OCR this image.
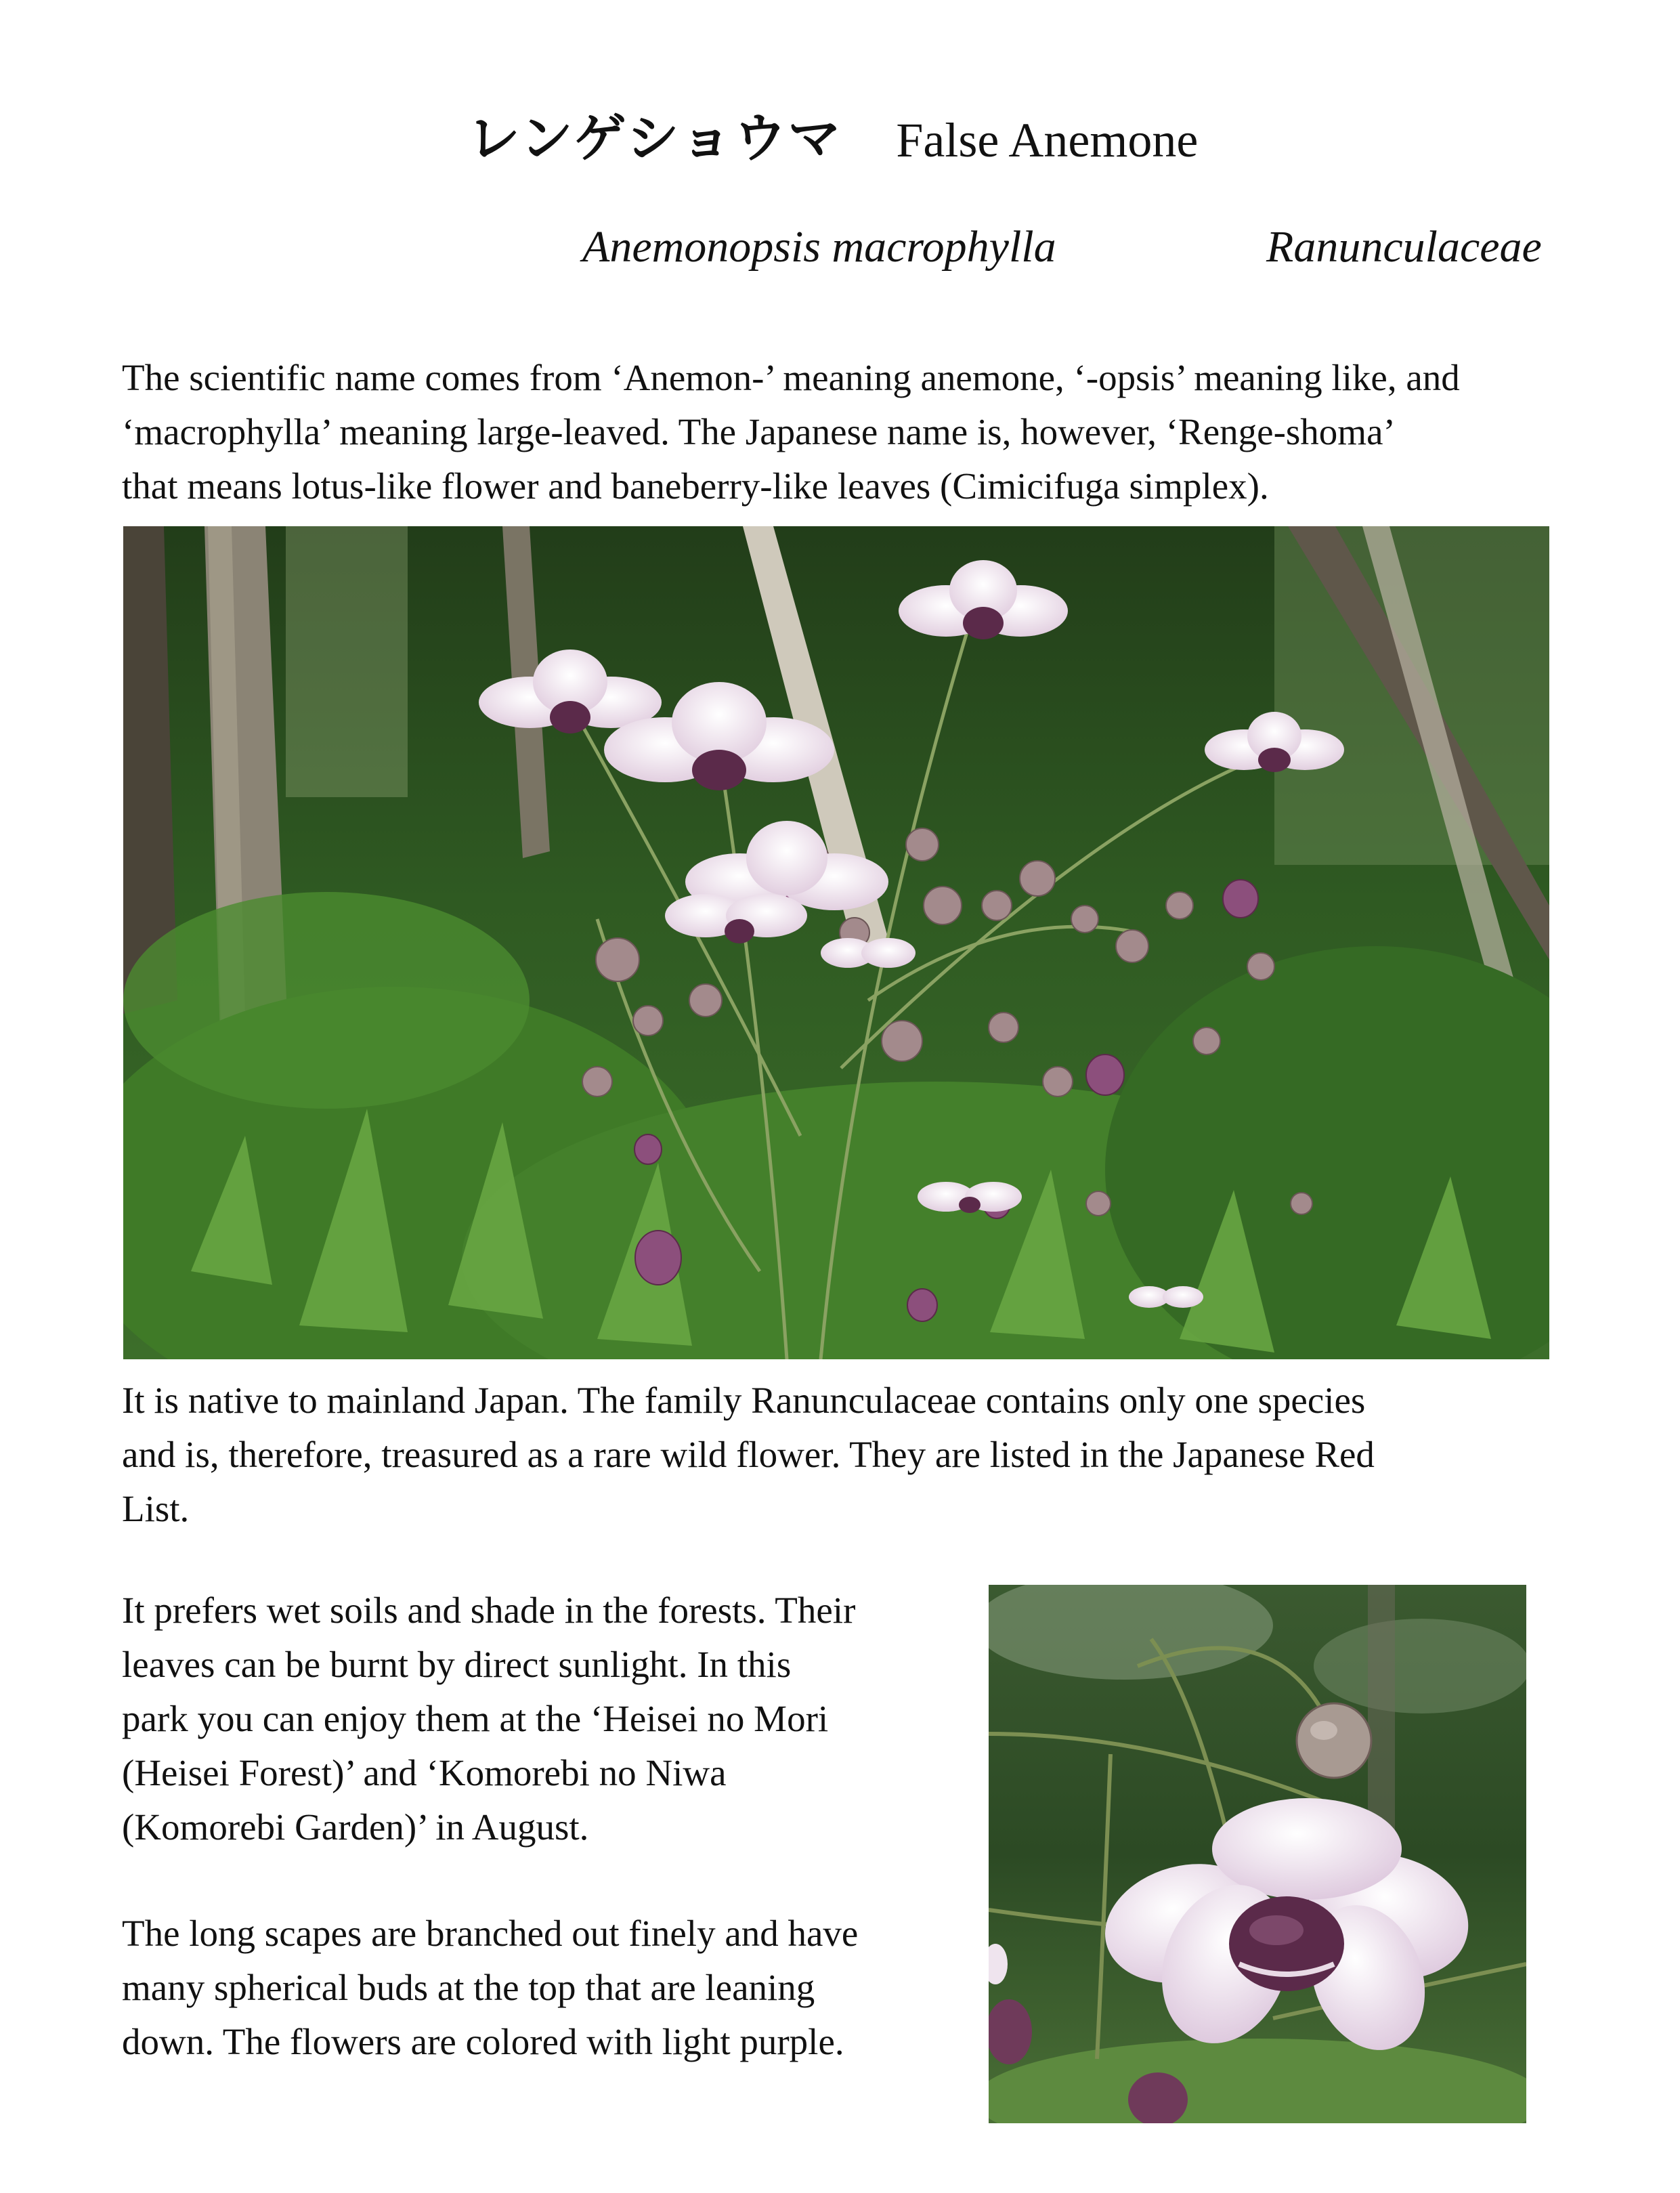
レンゲショウマ False Anemone
Anemonopsis macrophylla	Ranunculaceae
The scientific name comes from ‘Anemon-’ meaning anemone, ‘-opsis’ meaning like, and
‘macrophylla’ meaning large-leaved. The Japanese name is, however, ‘Renge-shoma’
that means lotus-like flower and baneberry-like leaves (Cimicifuga simplex).
It is native to mainland Japan. The family Ranunculaceae contains only one species
and is, therefore, treasured as a rare wild flower. They are listed in the Japanese Red
List.
It prefers wet soils and shade in the forests. Their
leaves can be burnt by direct sunlight. In this
park you can enjoy them at the ‘Heisei no Mori
(Heisei Forest)’ and ‘Komorebi no Niwa
(Komorebi Garden)’ in August.
The long scapes are branched out finely and have
many spherical buds at the top that are leaning
down. The flowers are colored with light purple.
